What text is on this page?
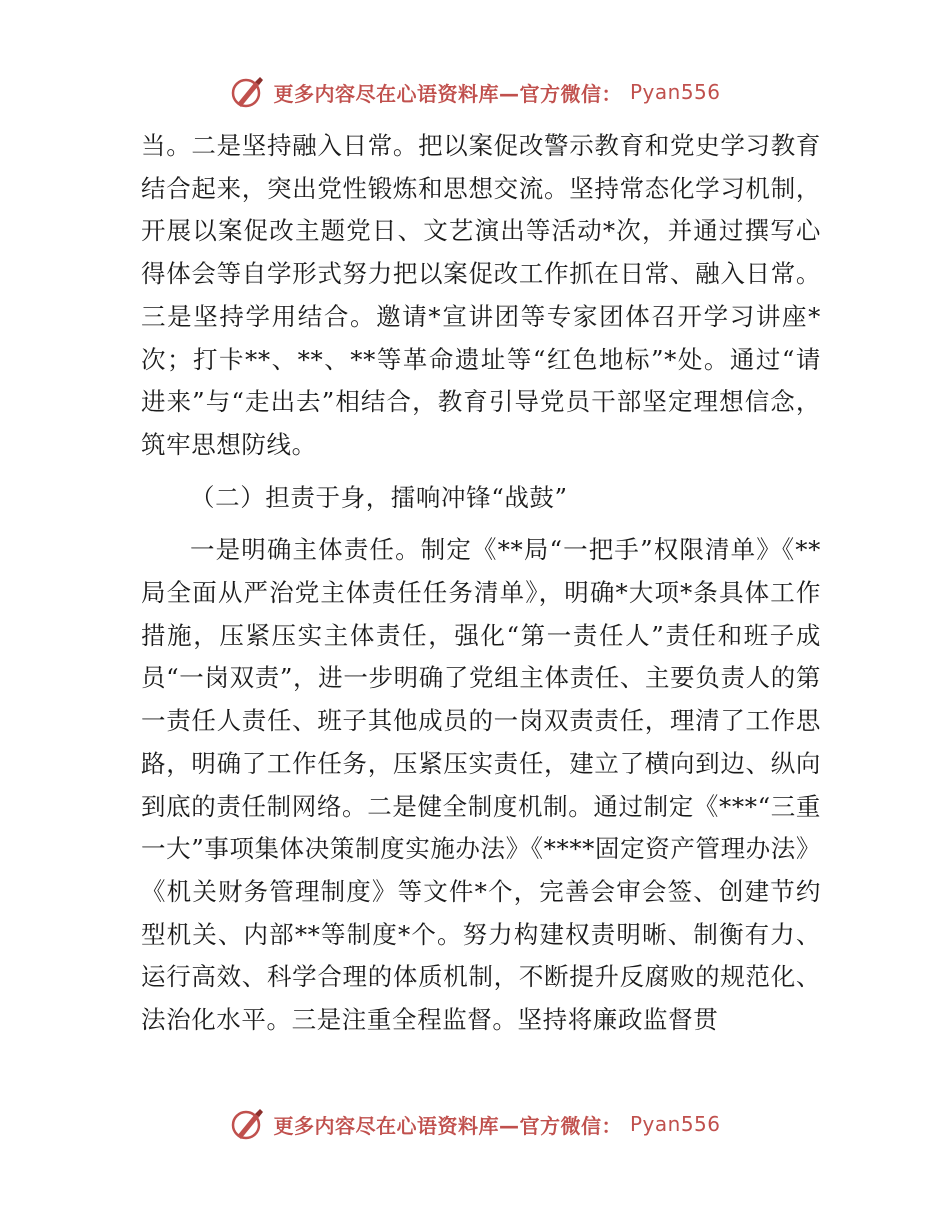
更多内容尽在心语资料库—官方微信： Pyan556

当。二是坚持融入日常。把以案促改警示教育和党史学习教育结合起来，突出党性锻炼和思想交流。坚持常态化学习机制，开展以案促改主题党日、文艺演出等活动*次，并通过撰写心得体会等自学形式努力把以案促改工作抓在日常、融入日常。三是坚持学用结合。邀请*宣讲团等专家团体召开学习讲座*次；打卡**、**、**等革命遗址等“红色地标”*处。通过“请进来”与“走出去”相结合，教育引导党员干部坚定理想信念，筑牢思想防线。

（二）担责于身，擂响冲锋“战鼓”

一是明确主体责任。制定《**局“一把手”权限清单》《**局全面从严治党主体责任任务清单》，明确*大项*条具体工作措施，压紧压实主体责任，强化“第一责任人”责任和班子成员“一岗双责”，进一步明确了党组主体责任、主要负责人的第一责任人责任、班子其他成员的一岗双责责任，理清了工作思路，明确了工作任务，压紧压实责任，建立了横向到边、纵向到底的责任制网络。二是健全制度机制。通过制定《***“三重一大”事项集体决策制度实施办法》《****固定资产管理办法》《机关财务管理制度》等文件*个，完善会审会签、创建节约型机关、内部**等制度*个。努力构建权责明晰、制衡有力、运行高效、科学合理的体质机制，不断提升反腐败的规范化、法治化水平。三是注重全程监督。坚持将廉政监督贯

更多内容尽在心语资料库—官方微信： Pyan556
